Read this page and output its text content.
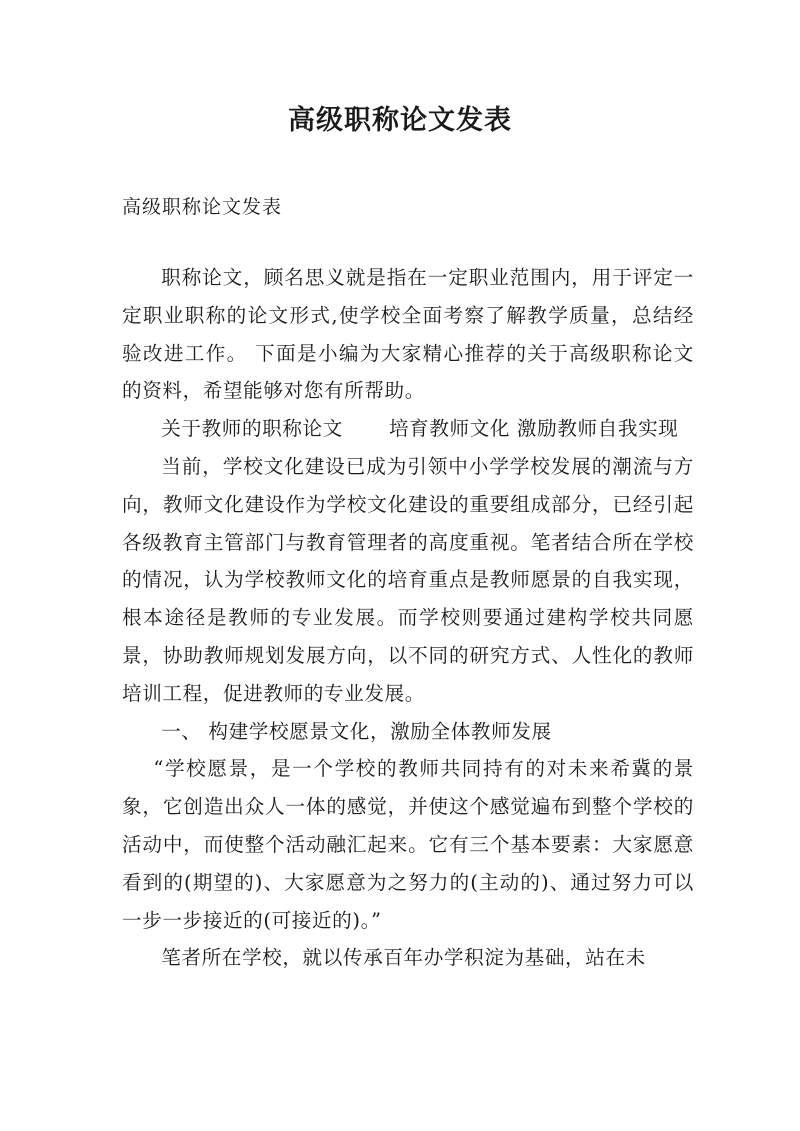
高级职称论文发表

高级职称论文发表

职称论文，顾名思义就是指在一定职业范围内，用于评定一定职业职称的论文形式,使学校全面考察了解教学质量，总结经验改进工作。 下面是小编为大家精心推荐的关于高级职称论文的资料，希望能够对您有所帮助。

关于教师的职称论文 培育教师文化 激励教师自我实现

当前，学校文化建设已成为引领中小学学校发展的潮流与方向，教师文化建设作为学校文化建设的重要组成部分，已经引起各级教育主管部门与教育管理者的高度重视。笔者结合所在学校的情况，认为学校教师文化的培育重点是教师愿景的自我实现，根本途径是教师的专业发展。而学校则要通过建构学校共同愿景，协助教师规划发展方向，以不同的研究方式、人性化的教师培训工程，促进教师的专业发展。

一、 构建学校愿景文化，激励全体教师发展

“学校愿景，是一个学校的教师共同持有的对未来希冀的景象，它创造出众人一体的感觉，并使这个感觉遍布到整个学校的活动中，而使整个活动融汇起来。它有三个基本要素：大家愿意看到的(期望的)、大家愿意为之努力的(主动的)、通过努力可以一步一步接近的(可接近的)。”

笔者所在学校，就以传承百年办学积淀为基础，站在未
